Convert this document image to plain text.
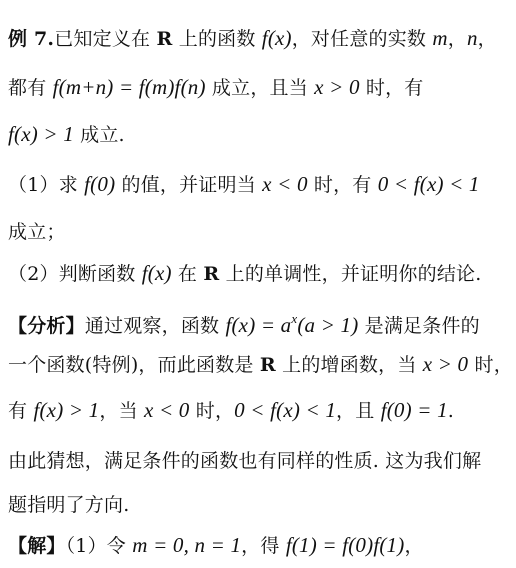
例 7.已知定义在 R 上的函数 f(x)，对任意的实数 m，n，
都有 f(m+n) = f(m)f(n) 成立，且当 x > 0 时，有
f(x) > 1 成立.
（1）求 f(0) 的值，并证明当 x < 0 时，有 0 < f(x) < 1
成立；
（2）判断函数 f(x) 在 R 上的单调性，并证明你的结论.
【分析】通过观察，函数 $f(x) = a^x(a > 1)$ 是满足条件的
一个函数(特例)，而此函数是 R 上的增函数，当 x > 0 时，
有 f(x) > 1，当 x < 0 时，0 < f(x) < 1，且 f(0) = 1.
由此猜想，满足条件的函数也有同样的性质. 这为我们解
题指明了方向.
【解】（1）令 m = 0, n = 1，得 f(1) = f(0)f(1)，
